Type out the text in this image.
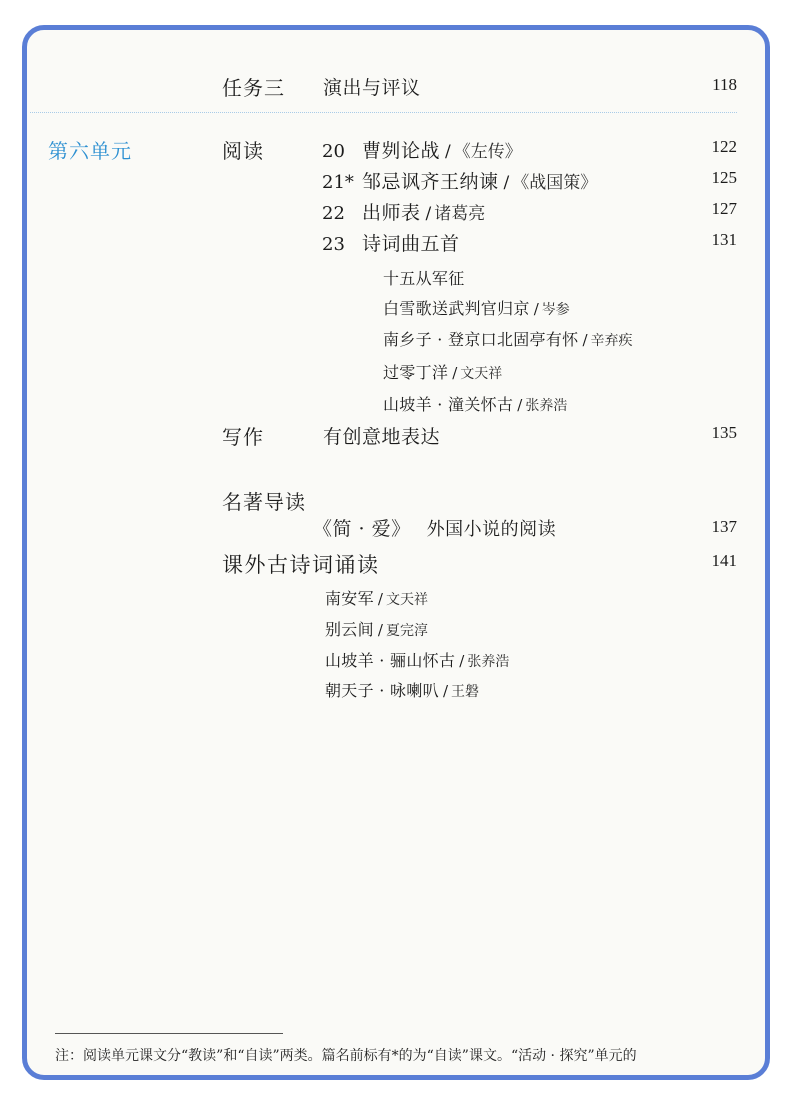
任务三 演出与评议	118
第六单元	阅读	20 曹刿论战 / 《左传》	122
21* 邹忌讽齐王纳谏 / 《战国策》	125
22 出师表 / 诸葛亮	127
23 诗词曲五首	131
十五从军征
白雪歌送武判官归京 / 岑参
南乡子 · 登京口北固亭有怀 / 辛弃疾
过零丁洋 / 文天祥
山坡羊 · 潼关怀古 / 张养浩
写作	有创意地表达	135
名著导读
《简 · 爱》 外国小说的阅读	137
课外古诗词诵读	141
南安军 / 文天祥
别云间 / 夏完淳
山坡羊 · 骊山怀古 / 张养浩
朝天子 · 咏喇叭 / 王磐
注：阅读单元课文分“教读”和“自读”两类。篇名前标有*的为“自读”课文。“活动 · 探究”单元的
